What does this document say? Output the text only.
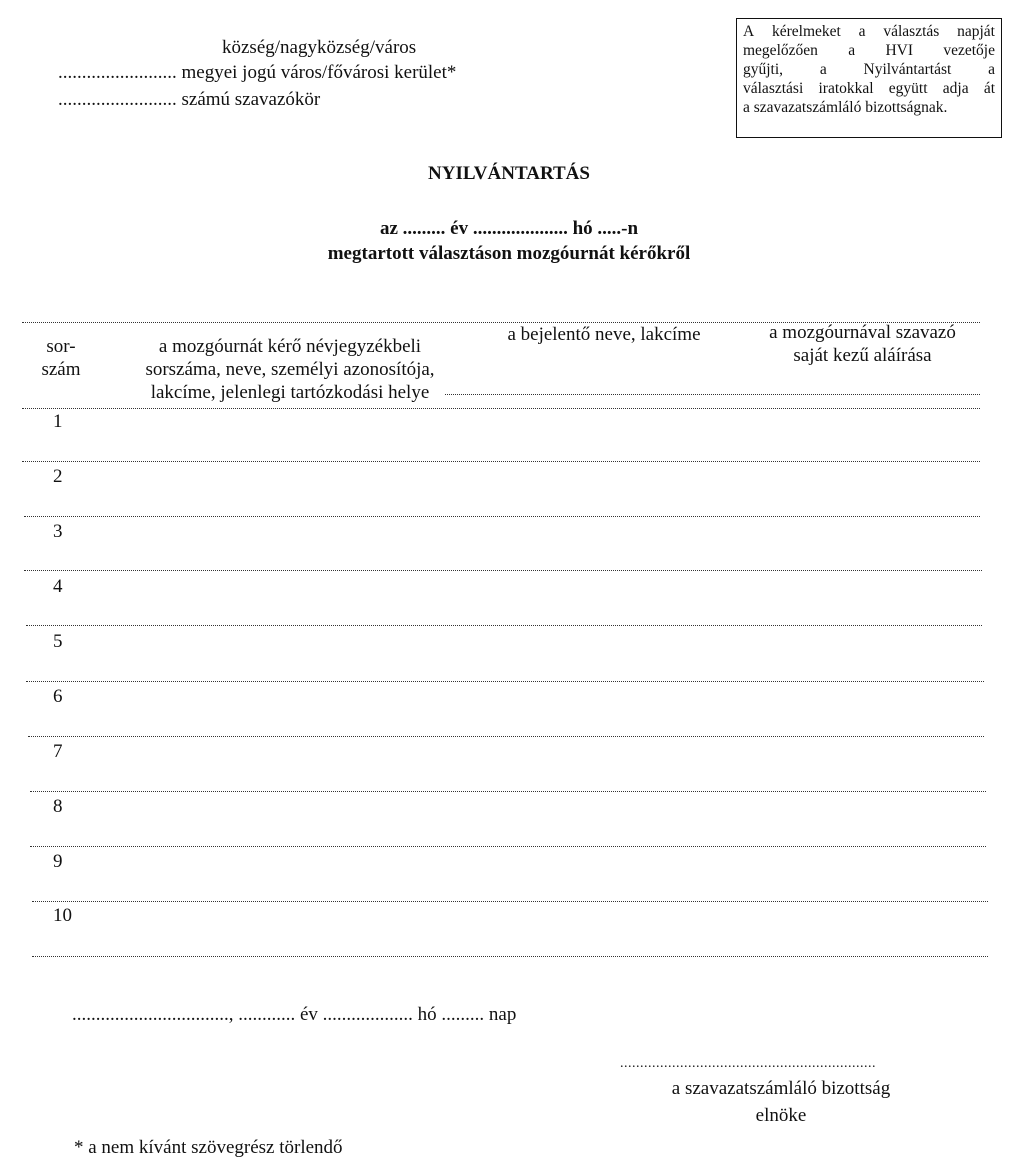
község/nagyközség/város
......................... megyei jogú város/fővárosi kerület*
......................... számú szavazókör
A kérelmeket a választás napját
megelőzően a HVI vezetője
gyűjti, a Nyilvántartást a
választási iratokkal együtt adja át
a szavazatszámláló bizottságnak.
NYILVÁNTARTÁS
az ......... év .................... hó .....-n
megtartott választáson mozgóurnát kérőkről
sor-
szám
a mozgóurnát kérő névjegyzékbeli
sorszáma, neve, személyi azonosítója,
lakcíme, jelenlegi tartózkodási helye
a bejelentő neve, lakcíme	a mozgóurnával szavazó
saját kezű aláírása
1
2
3
4
5
6
7
8
9
10
................................., ............ év ................... hó ......... nap
................................................................
a szavazatszámláló bizottság
elnöke
* a nem kívánt szövegrész törlendő
